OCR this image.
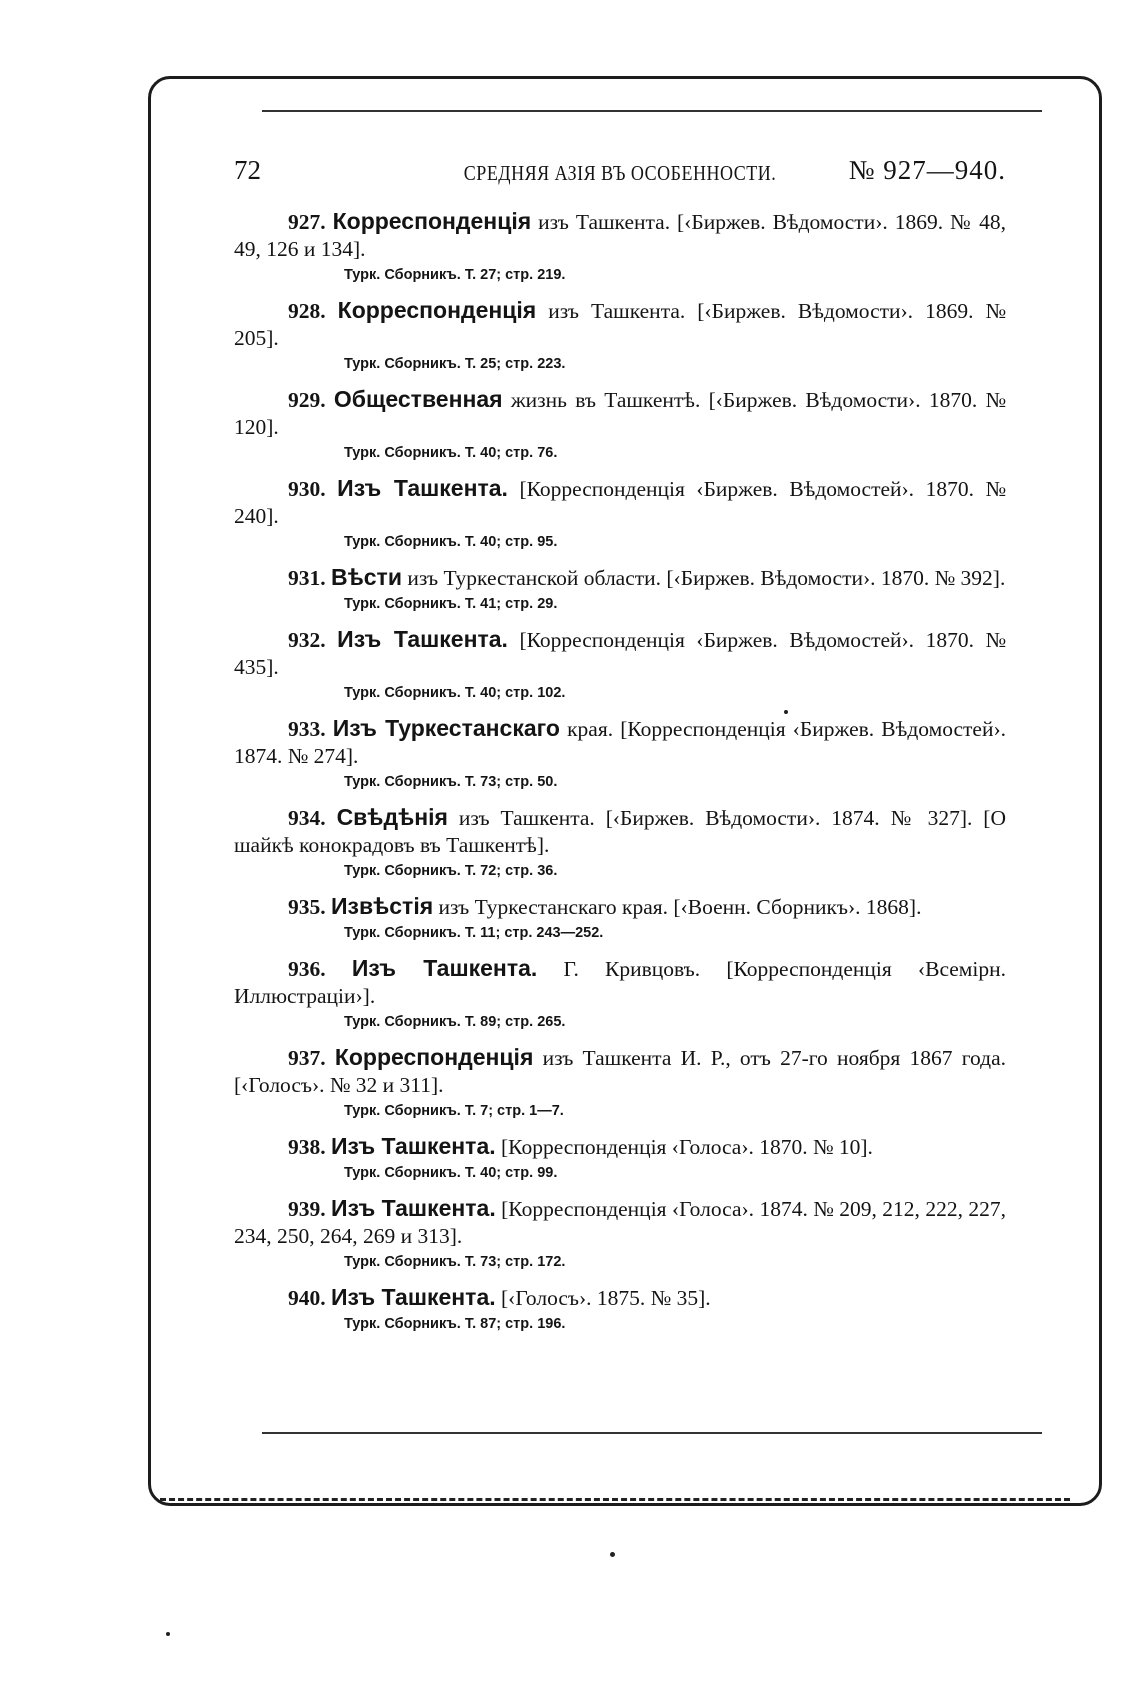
72	СРЕДНЯЯ АЗІЯ ВЪ ОСОБЕННОСТИ.	№ 927—940.
927. Корреспонденція изъ Ташкента. [‹Биржев. Вѣдомости›. 1869. № 48, 49, 126 и 134].
Турк. Сборникъ. Т. 27; стр. 219.
928. Корреспонденція изъ Ташкента. [‹Биржев. Вѣдомости›. 1869. № 205].
Турк. Сборникъ. Т. 25; стр. 223.
929. Общественная жизнь въ Ташкентѣ. [‹Биржев. Вѣдомости›. 1870. № 120].
Турк. Сборникъ. Т. 40; стр. 76.
930. Изъ Ташкента. [Корреспонденція ‹Биржев. Вѣдомостей›. 1870. № 240].
Турк. Сборникъ. Т. 40; стр. 95.
931. Вѣсти изъ Туркестанской области. [‹Биржев. Вѣдомости›. 1870. № 392].
Турк. Сборникъ. Т. 41; стр. 29.
932. Изъ Ташкента. [Корреспонденція ‹Биржев. Вѣдомостей›. 1870. № 435].
Турк. Сборникъ. Т. 40; стр. 102.
933. Изъ Туркестанскаго края. [Корреспонденція ‹Биржев. Вѣдомостей›. 1874. № 274].
Турк. Сборникъ. Т. 73; стр. 50.
934. Свѣдѣнія изъ Ташкента. [‹Биржев. Вѣдомости›. 1874. № 327]. [О шайкѣ конокрадовъ въ Ташкентѣ].
Турк. Сборникъ. Т. 72; стр. 36.
935. Извѣстія изъ Туркестанскаго края. [‹Военн. Сборникъ›. 1868].
Турк. Сборникъ. Т. 11; стр. 243—252.
936. Изъ Ташкента. Г. Кривцовъ. [Корреспонденція ‹Всемірн. Иллюстраціи›].
Турк. Сборникъ. Т. 89; стр. 265.
937. Корреспонденція изъ Ташкента И. Р., отъ 27-го ноября 1867 года. [‹Голосъ›. № 32 и 311].
Турк. Сборникъ. Т. 7; стр. 1—7.
938. Изъ Ташкента. [Корреспонденція ‹Голоса›. 1870. № 10].
Турк. Сборникъ. Т. 40; стр. 99.
939. Изъ Ташкента. [Корреспонденція ‹Голоса›. 1874. № 209, 212, 222, 227, 234, 250, 264, 269 и 313].
Турк. Сборникъ. Т. 73; стр. 172.
940. Изъ Ташкента. [‹Голосъ›. 1875. № 35].
Турк. Сборникъ. Т. 87; стр. 196.
